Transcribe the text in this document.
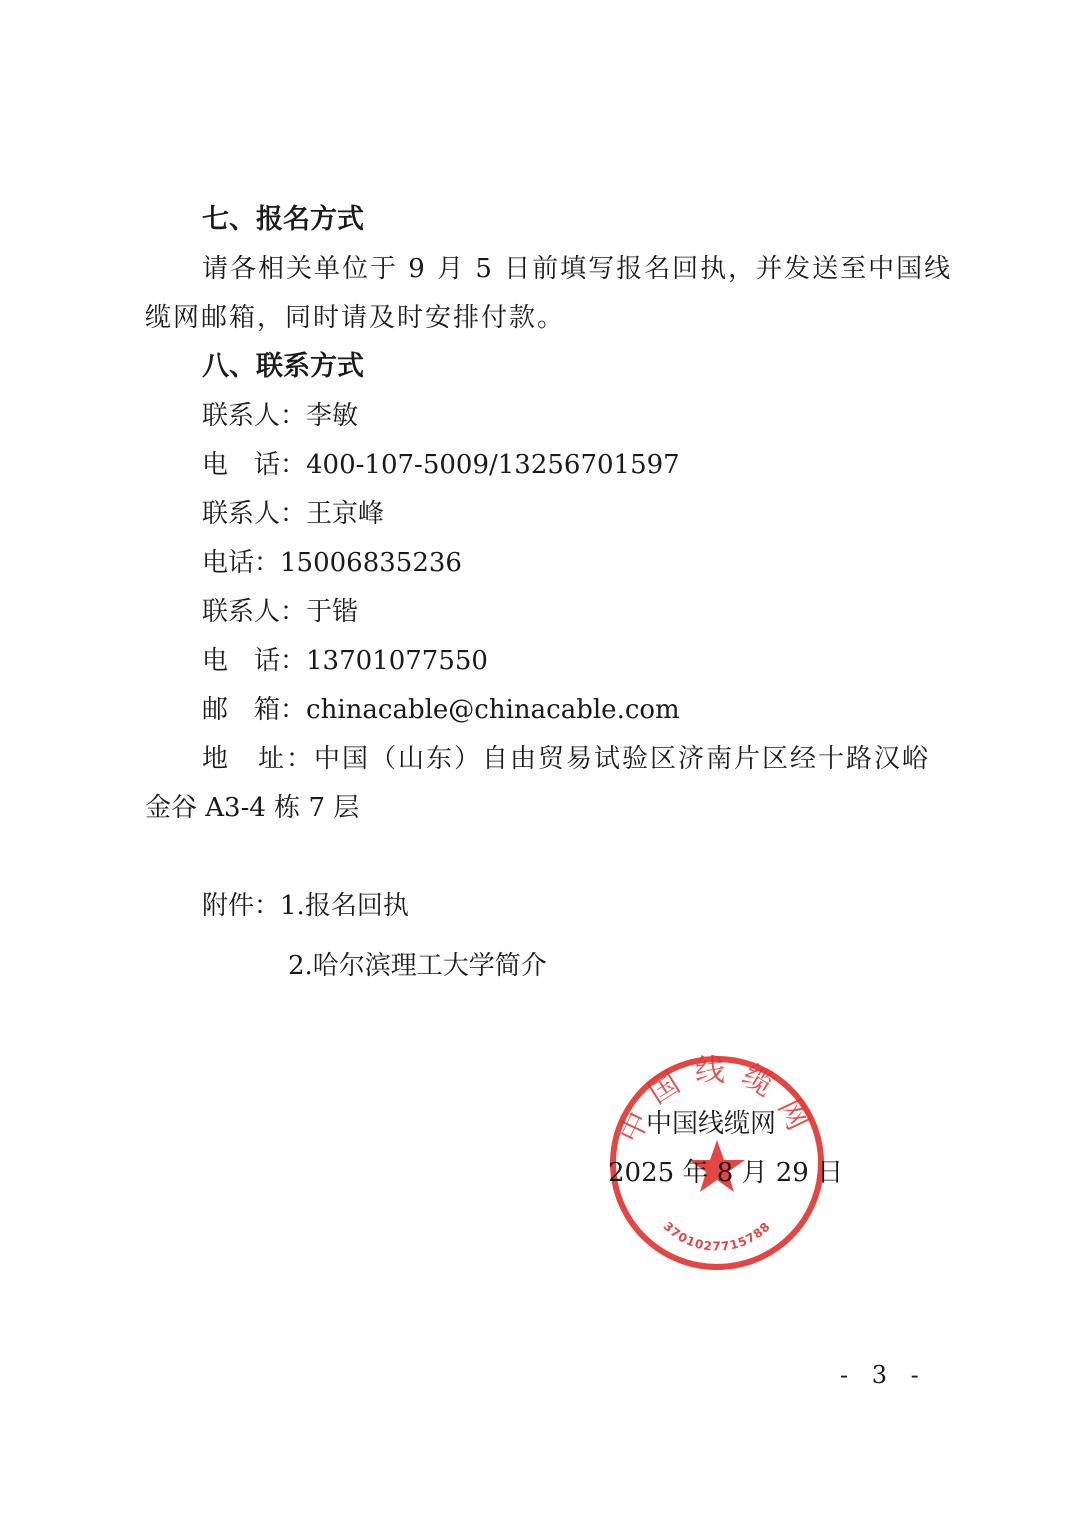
七、报名方式
请各相关单位于 9 月 5 日前填写报名回执，并发送至中国线
缆网邮箱，同时请及时安排付款。
八、联系方式
联系人：李敏
电　话：400-107-5009/13256701597
联系人：王京峰
电话：15006835236
联系人：于锴
电　话：13701077550
邮　箱：chinacable@chinacable.com
地　址：中国（山东）自由贸易试验区济南片区经十路汉峪
金谷 A3-4 栋 7 层
附件：1.报名回执
2.哈尔滨理工大学简介
中国线缆网
3701027715788
中国线缆网
2025 年 8 月 29 日
- 3 -
